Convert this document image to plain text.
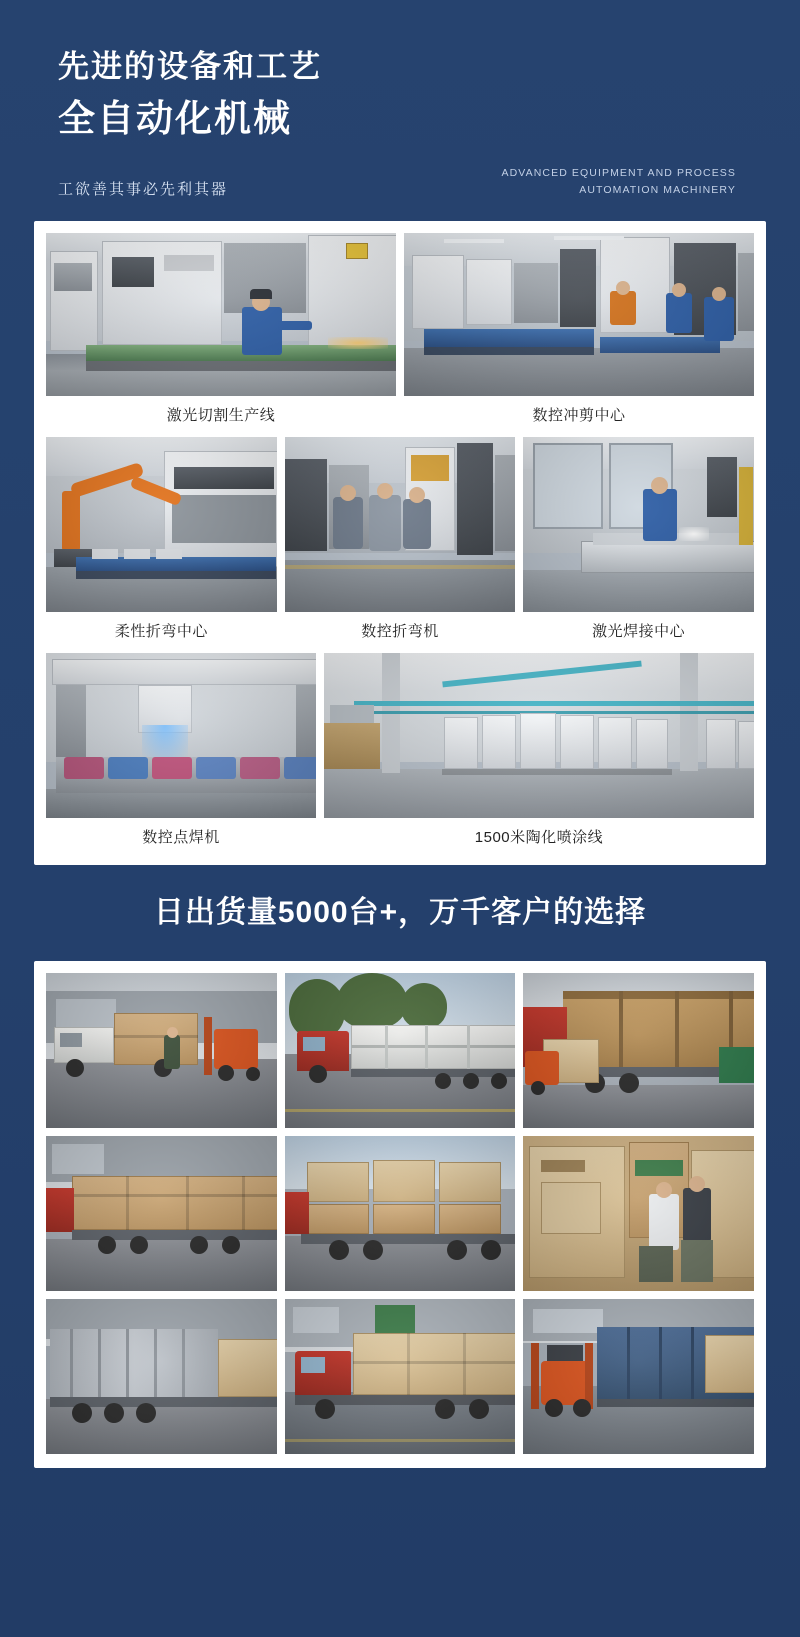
先进的设备和工艺
全自动化机械
工欲善其事必先利其器
ADVANCED EQUIPMENT AND PROCESS
AUTOMATION MACHINERY
激光切割生产线	数控冲剪中心
柔性折弯中心	数控折弯机	激光焊接中心
数控点焊机	1500米陶化喷涂线
日出货量5000台+，万千客户的选择
